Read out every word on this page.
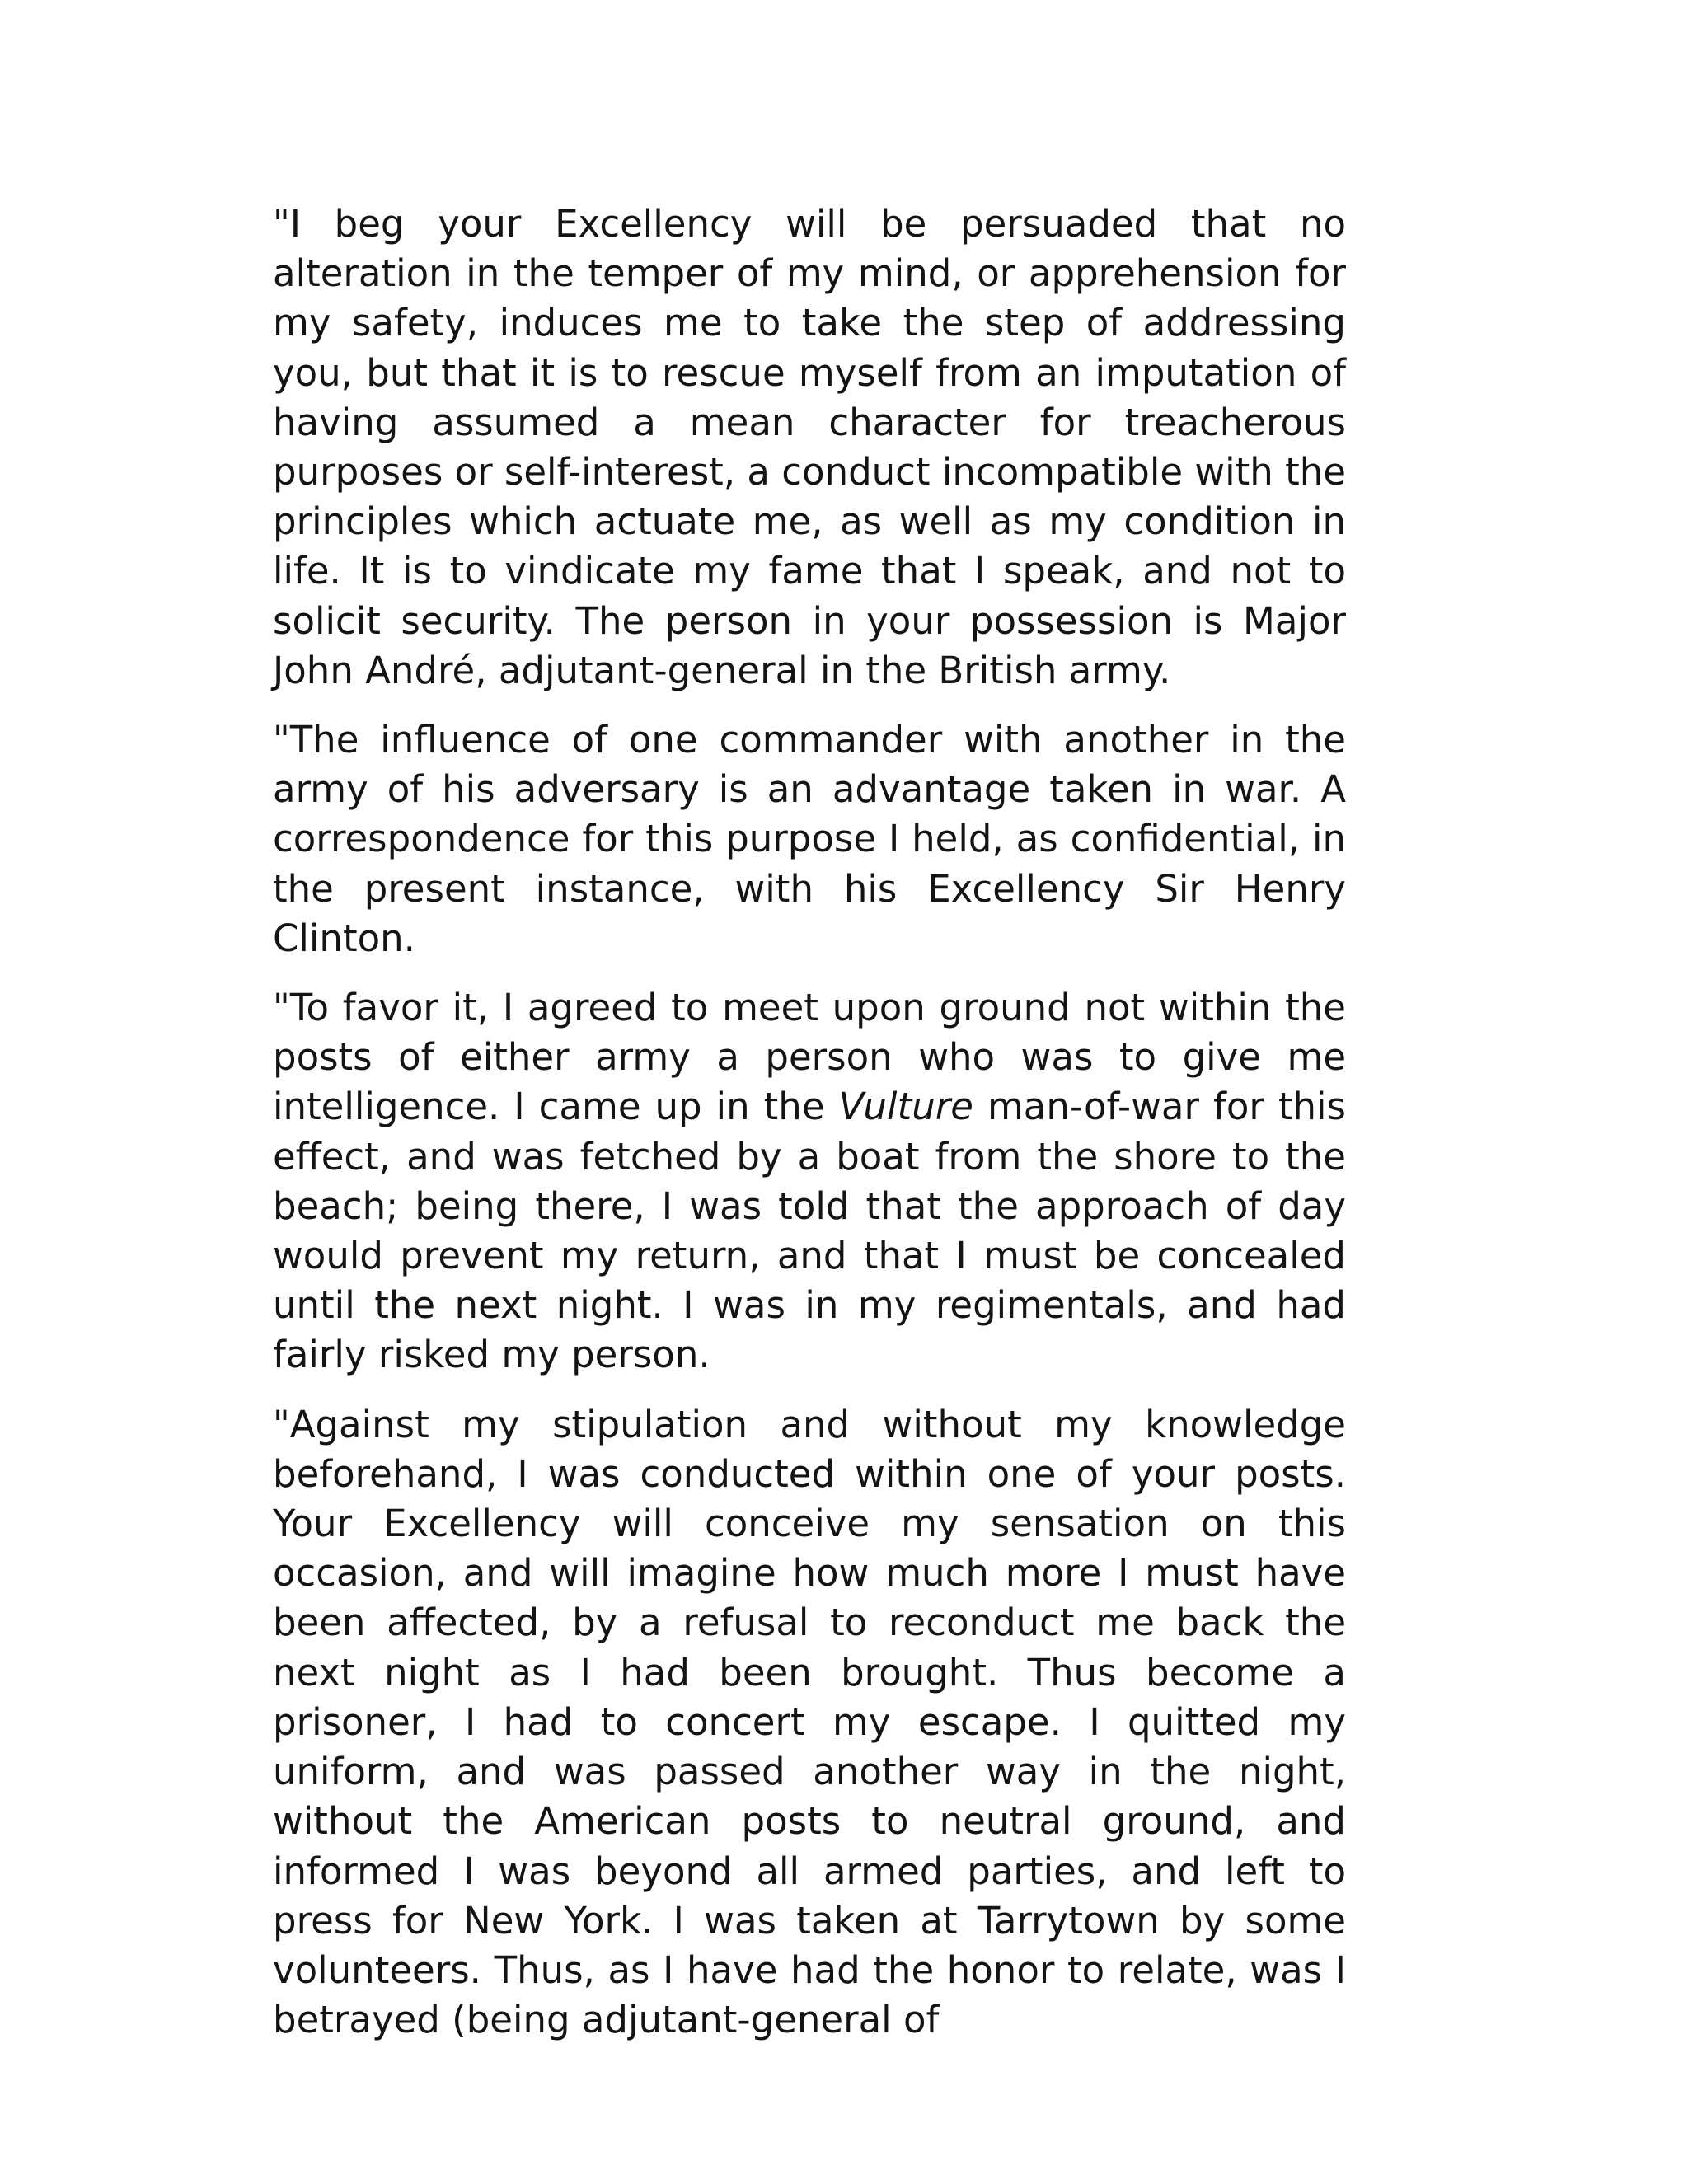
"I beg your Excellency will be persuaded that no alteration in the temper of my mind, or apprehension for my safety, induces me to take the step of addressing you, but that it is to rescue myself from an imputation of having assumed a mean character for treacherous purposes or self-interest, a conduct incompatible with the principles which actuate me, as well as my condition in life. It is to vindicate my fame that I speak, and not to solicit security. The person in your possession is Major John André, adjutant-general in the British army.

"The influence of one commander with another in the army of his adversary is an advantage taken in war. A correspondence for this purpose I held, as confidential, in the present instance, with his Excellency Sir Henry Clinton.

"To favor it, I agreed to meet upon ground not within the posts of either army a person who was to give me intelligence. I came up in the Vulture man-of-war for this effect, and was fetched by a boat from the shore to the beach; being there, I was told that the approach of day would prevent my return, and that I must be concealed until the next night. I was in my regimentals, and had fairly risked my person.

"Against my stipulation and without my knowledge beforehand, I was conducted within one of your posts. Your Excellency will conceive my sensation on this occasion, and will imagine how much more I must have been affected, by a refusal to reconduct me back the next night as I had been brought. Thus become a prisoner, I had to concert my escape. I quitted my uniform, and was passed another way in the night, without the American posts to neutral ground, and informed I was beyond all armed parties, and left to press for New York. I was taken at Tarrytown by some volunteers. Thus, as I have had the honor to relate, was I betrayed (being adjutant-general of
